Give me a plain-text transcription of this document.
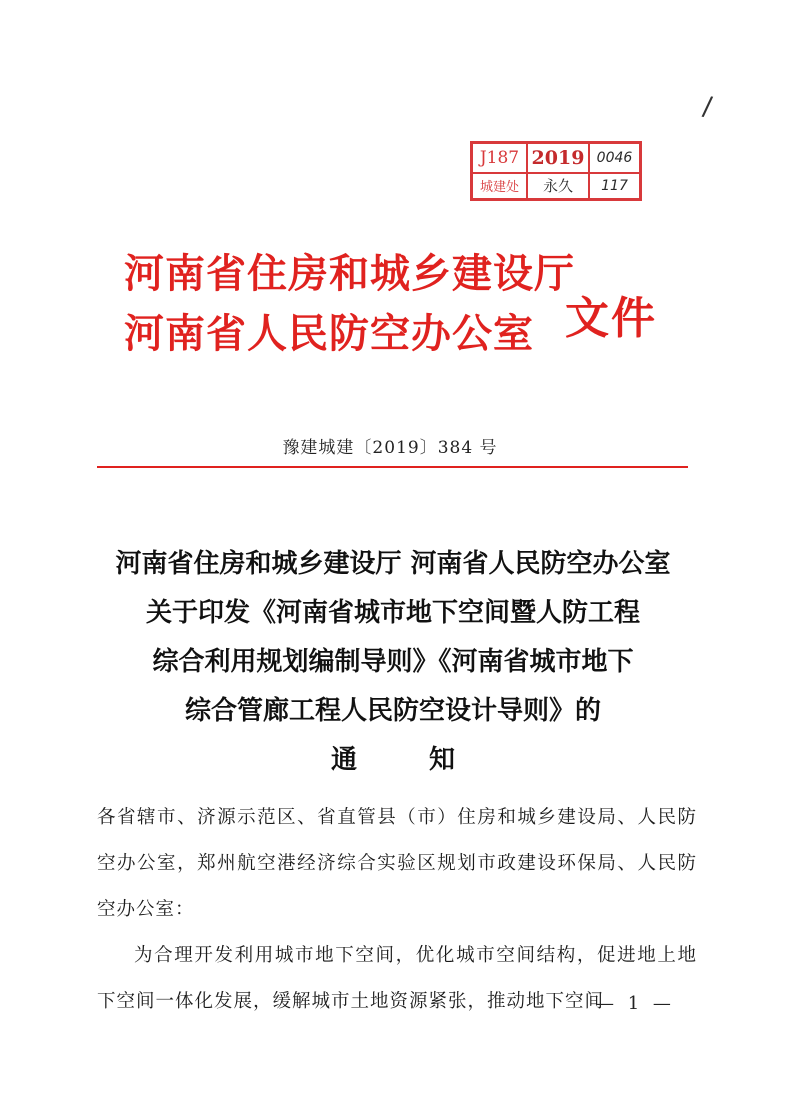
/
J187 2019 0046
城建处 永久 117
河南省住房和城乡建设厅
河南省人民防空办公室 文件
豫建城建〔2019〕384 号
河南省住房和城乡建设厅 河南省人民防空办公室
关于印发《河南省城市地下空间暨人防工程
综合利用规划编制导则》《河南省城市地下
综合管廊工程人民防空设计导则》的
通知

各省辖市、济源示范区、省直管县（市）住房和城乡建设局、人民防空办公室，郑州航空港经济综合实验区规划市政建设环保局、人民防空办公室：

为合理开发利用城市地下空间，优化城市空间结构，促进地上地下空间一体化发展，缓解城市土地资源紧张，推动地下空间

— 1 —
